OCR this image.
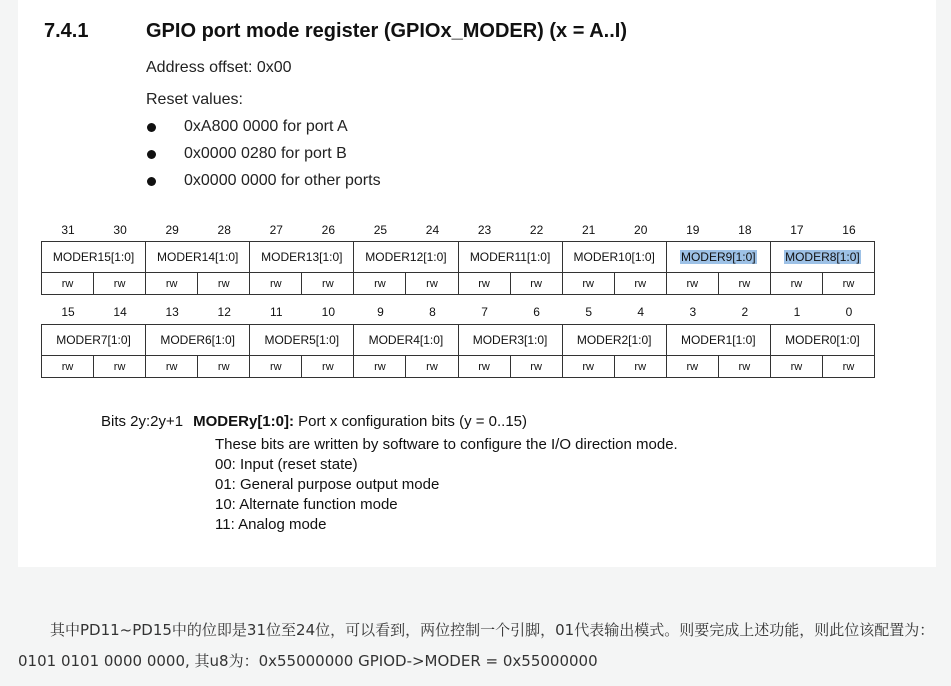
7.4.1	GPIO port mode register (GPIOx_MODER) (x = A..I)
Address offset: 0x00
Reset values:
0xA800 0000 for port A
0x0000 0280 for port B
0x0000 0000 for other ports
31	30	29	28	27	26	25	24	23	22	21	20	19	18	17	16
MODER15[1:0]		MODER14[1:0]		MODER13[1:0]		MODER12[1:0]		MODER11[1:0]		MODER10[1:0]		MODER9[1:0]		MODER8[1:0]	
rw	rw	rw	rw	rw	rw	rw	rw	rw	rw	rw	rw	rw	rw	rw	rw
15	14	13	12	11	10	9	8	7	6	5	4	3	2	1	0
MODER7[1:0]		MODER6[1:0]		MODER5[1:0]		MODER4[1:0]		MODER3[1:0]		MODER2[1:0]		MODER1[1:0]		MODER0[1:0]	
rw	rw	rw	rw	rw	rw	rw	rw	rw	rw	rw	rw	rw	rw	rw	rw
Bits 2y:2y+1 MODERy[1:0]: Port x configuration bits (y = 0..15)
These bits are written by software to configure the I/O direction mode.
00: Input (reset state)
01: General purpose output mode
10: Alternate function mode
11: Analog mode
其中PD11~PD15中的位即是31位至24位，可以看到，两位控制一个引脚，01代表输出模式。则要完成上述功能，则此位该配置为：0101 0101 0000 0000, 其u8为：0x55000000 GPIOD->MODER = 0x55000000
